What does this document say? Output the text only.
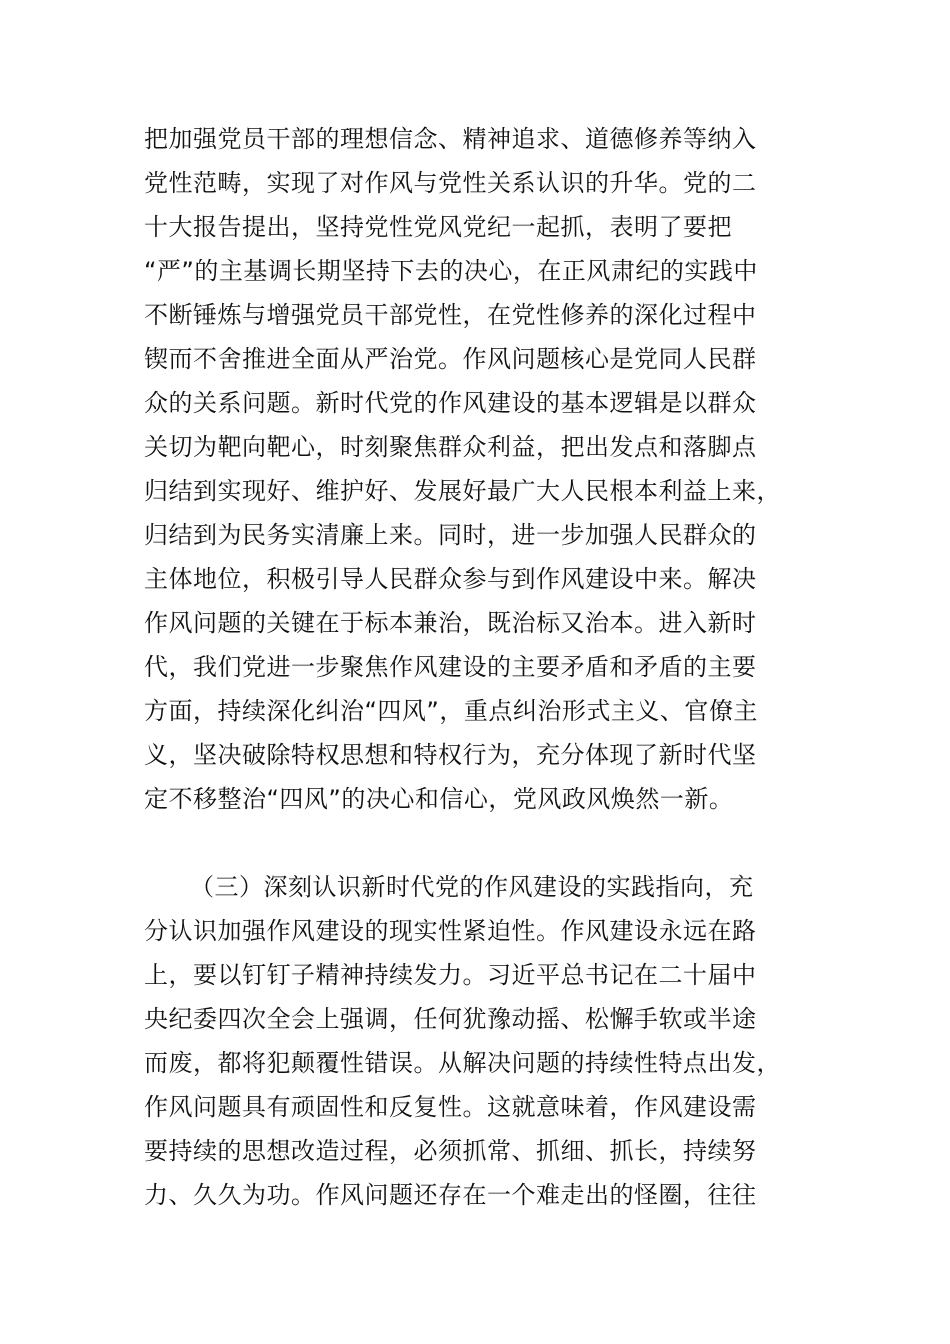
把加强党员干部的理想信念、精神追求、道德修养等纳入
党性范畴，实现了对作风与党性关系认识的升华。党的二
十大报告提出，坚持党性党风党纪一起抓，表明了要把
“严”的主基调长期坚持下去的决心，在正风肃纪的实践中
不断锤炼与增强党员干部党性，在党性修养的深化过程中
锲而不舍推进全面从严治党。作风问题核心是党同人民群
众的关系问题。新时代党的作风建设的基本逻辑是以群众
关切为靶向靶心，时刻聚焦群众利益，把出发点和落脚点
归结到实现好、维护好、发展好最广大人民根本利益上来，
归结到为民务实清廉上来。同时，进一步加强人民群众的
主体地位，积极引导人民群众参与到作风建设中来。解决
作风问题的关键在于标本兼治，既治标又治本。进入新时
代，我们党进一步聚焦作风建设的主要矛盾和矛盾的主要
方面，持续深化纠治“四风”，重点纠治形式主义、官僚主
义，坚决破除特权思想和特权行为，充分体现了新时代坚
定不移整治“四风”的决心和信心，党风政风焕然一新。
（三）深刻认识新时代党的作风建设的实践指向，充
分认识加强作风建设的现实性紧迫性。作风建设永远在路
上，要以钉钉子精神持续发力。习近平总书记在二十届中
央纪委四次全会上强调，任何犹豫动摇、松懈手软或半途
而废，都将犯颠覆性错误。从解决问题的持续性特点出发，
作风问题具有顽固性和反复性。这就意味着，作风建设需
要持续的思想改造过程，必须抓常、抓细、抓长，持续努
力、久久为功。作风问题还存在一个难走出的怪圈，往往
